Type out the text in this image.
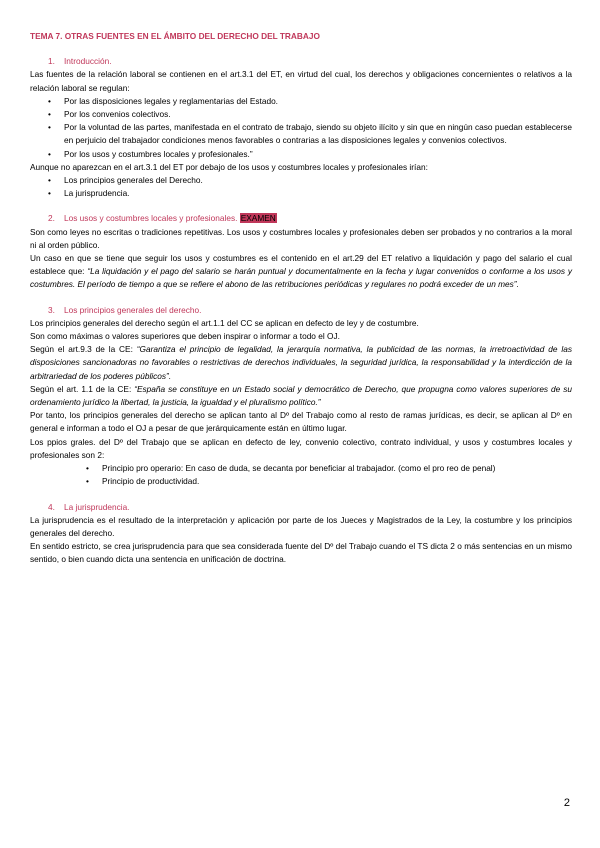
TEMA 7. OTRAS FUENTES EN EL ÁMBITO DEL DERECHO DEL TRABAJO
1. Introducción.

Las fuentes de la relación laboral se contienen en el art.3.1 del ET, en virtud del cual, los derechos y obligaciones concernientes o relativos a la relación laboral se regulan:

• Por las disposiciones legales y reglamentarias del Estado.
• Por los convenios colectivos.
• Por la voluntad de las partes, manifestada en el contrato de trabajo, siendo su objeto ilícito y sin que en ningún caso puedan establecerse en perjuicio del trabajador condiciones menos favorables o contrarias a las disposiciones legales y convenios colectivos.
• Por los usos y costumbres locales y profesionales.”

Aunque no aparezcan en el art.3.1 del ET por debajo de los usos y costumbres locales y profesionales irían:

• Los principios generales del Derecho.
• La jurisprudencia.
2. Los usos y costumbres locales y profesionales. EXAMEN

Son como leyes no escritas o tradiciones repetitivas. Los usos y costumbres locales y profesionales deben ser probados y no contrarios a la moral ni al orden público.

Un caso en que se tiene que seguir los usos y costumbres es el contenido en el art.29 del ET relativo a liquidación y pago del salario el cual establece que: “La liquidación y el pago del salario se harán puntual y documentalmente en la fecha y lugar convenidos o conforme a los usos y costumbres. El período de tiempo a que se refiere el abono de las retribuciones periódicas y regulares no podrá exceder de un mes”.

3. Los principios generales del derecho.

Los principios generales del derecho según el art.1.1 del CC se aplican en defecto de ley y de costumbre.

Son como máximas o valores superiores que deben inspirar o informar a todo el OJ.

Según el art.9.3 de la CE: “Garantiza el principio de legalidad, la jerarquía normativa, la publicidad de las normas, la irretroactividad de las disposiciones sancionadoras no favorables o restrictivas de derechos individuales, la seguridad jurídica, la responsabilidad y la interdicción de la arbitrariedad de los poderes públicos”.

Según el art. 1.1 de la CE: “España se constituye en un Estado social y democrático de Derecho, que propugna como valores superiores de su ordenamiento jurídico la libertad, la justicia, la igualdad y el pluralismo político.”

Por tanto, los principios generales del derecho se aplican tanto al Dº del Trabajo como al resto de ramas jurídicas, es decir, se aplican al Dº en general e informan a todo el OJ a pesar de que jerárquicamente están en último lugar.

Los ppios grales. del Dº del Trabajo que se aplican en defecto de ley, convenio colectivo, contrato individual, y usos y costumbres locales y profesionales son 2:

• Principio pro operario: En caso de duda, se decanta por beneficiar al trabajador. (como el pro reo de penal)
• Principio de productividad.
4. La jurisprudencia.

La jurisprudencia es el resultado de la interpretación y aplicación por parte de los Jueces y Magistrados de la Ley, la costumbre y los principios generales del derecho.

En sentido estricto, se crea jurisprudencia para que sea considerada fuente del Dº del Trabajo cuando el TS dicta 2 o más sentencias en un mismo sentido, o bien cuando dicta una sentencia en unificación de doctrina.

2
